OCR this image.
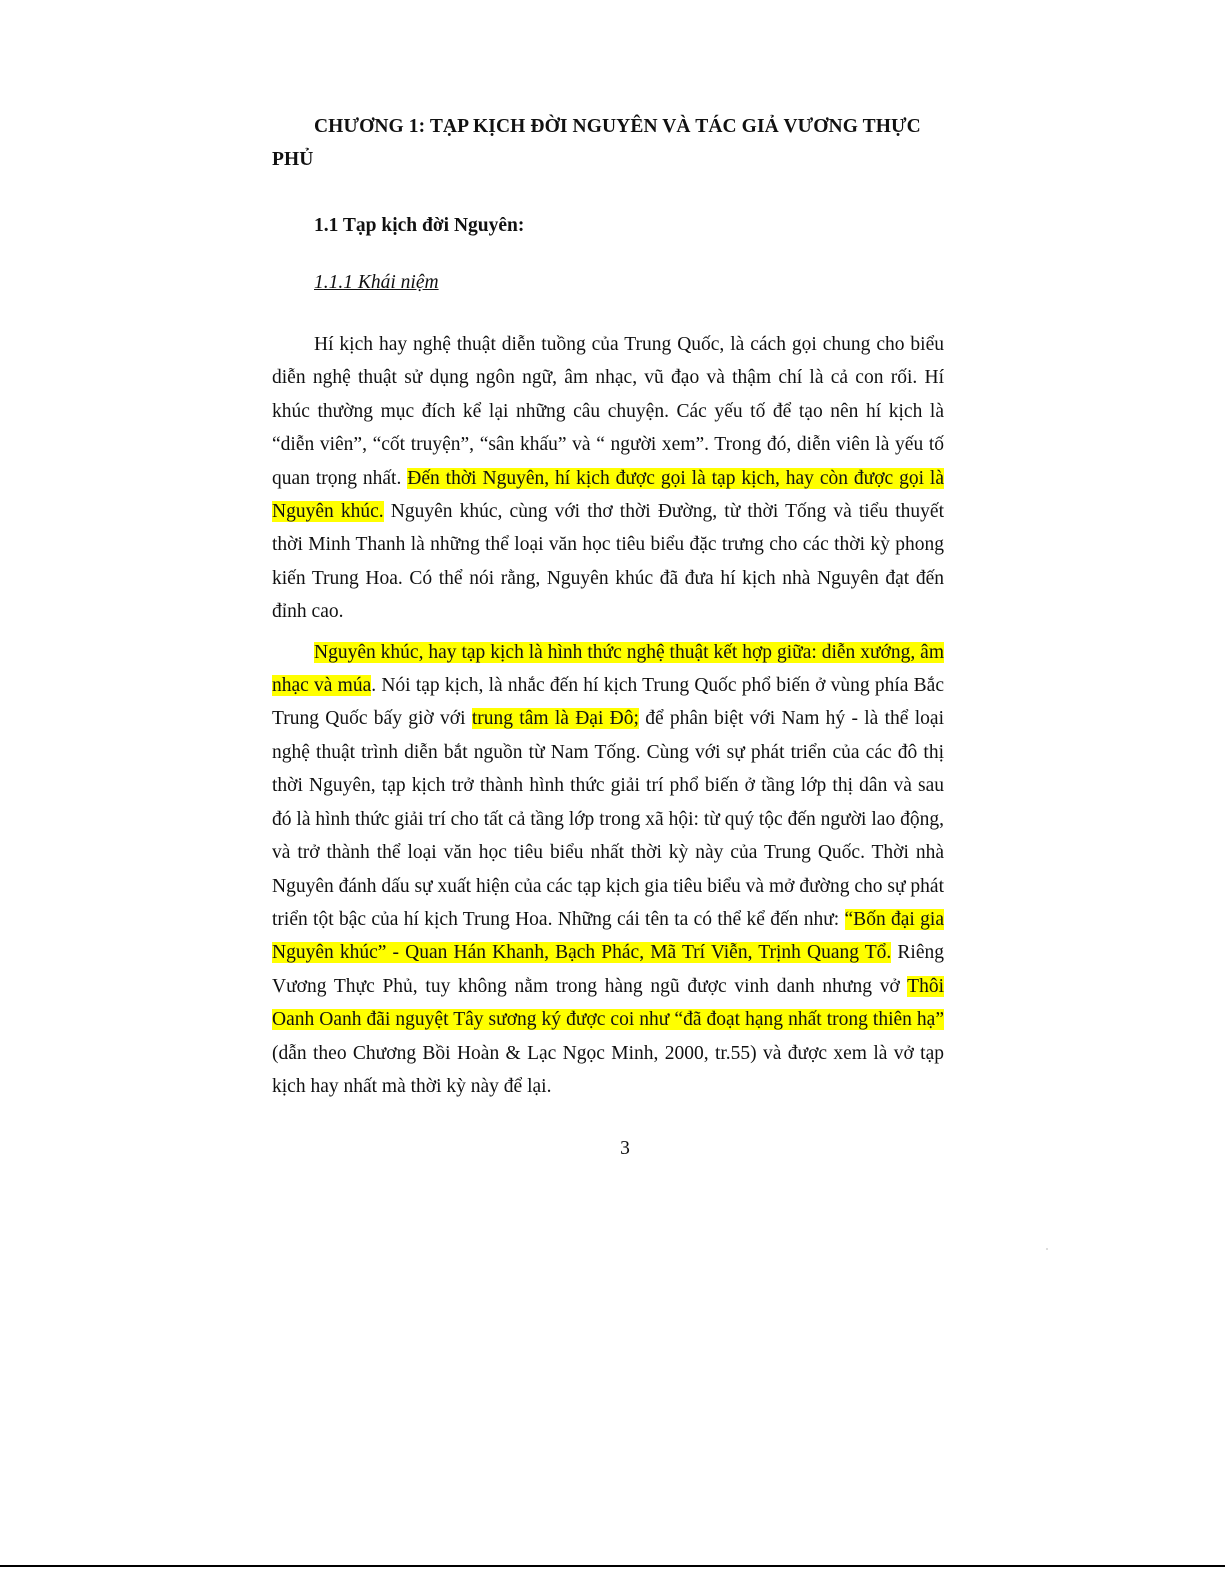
CHƯƠNG 1: TẠP KỊCH ĐỜI NGUYÊN VÀ TÁC GIẢ VƯƠNG THỰC PHỦ

1.1 Tạp kịch đời Nguyên:

1.1.1 Khái niệm

Hí kịch hay nghệ thuật diễn tuồng của Trung Quốc, là cách gọi chung cho biểu diễn nghệ thuật sử dụng ngôn ngữ, âm nhạc, vũ đạo và thậm chí là cả con rối. Hí khúc thường mục đích kể lại những câu chuyện. Các yếu tố để tạo nên hí kịch là “diễn viên”, “cốt truyện”, “sân khấu” và “ người xem”. Trong đó, diễn viên là yếu tố quan trọng nhất. Đến thời Nguyên, hí kịch được gọi là tạp kịch, hay còn được gọi là Nguyên khúc. Nguyên khúc, cùng với thơ thời Đường, từ thời Tống và tiểu thuyết thời Minh Thanh là những thể loại văn học tiêu biểu đặc trưng cho các thời kỳ phong kiến Trung Hoa. Có thể nói rằng, Nguyên khúc đã đưa hí kịch nhà Nguyên đạt đến đỉnh cao.

Nguyên khúc, hay tạp kịch là hình thức nghệ thuật kết hợp giữa: diễn xướng, âm nhạc và múa. Nói tạp kịch, là nhắc đến hí kịch Trung Quốc phổ biến ở vùng phía Bắc Trung Quốc bấy giờ với trung tâm là Đại Đô; để phân biệt với Nam hý - là thể loại nghệ thuật trình diễn bắt nguồn từ Nam Tống. Cùng với sự phát triển của các đô thị thời Nguyên, tạp kịch trở thành hình thức giải trí phổ biến ở tầng lớp thị dân và sau đó là hình thức giải trí cho tất cả tầng lớp trong xã hội: từ quý tộc đến người lao động, và trở thành thể loại văn học tiêu biểu nhất thời kỳ này của Trung Quốc. Thời nhà Nguyên đánh dấu sự xuất hiện của các tạp kịch gia tiêu biểu và mở đường cho sự phát triển tột bậc của hí kịch Trung Hoa. Những cái tên ta có thể kể đến như: “Bốn đại gia Nguyên khúc” - Quan Hán Khanh, Bạch Phác, Mã Trí Viễn, Trịnh Quang Tổ. Riêng Vương Thực Phủ, tuy không nằm trong hàng ngũ được vinh danh nhưng vở Thôi Oanh Oanh đãi nguyệt Tây sương ký được coi như “đã đoạt hạng nhất trong thiên hạ” (dẫn theo Chương Bồi Hoàn & Lạc Ngọc Minh, 2000, tr.55) và được xem là vở tạp kịch hay nhất mà thời kỳ này để lại.

3
